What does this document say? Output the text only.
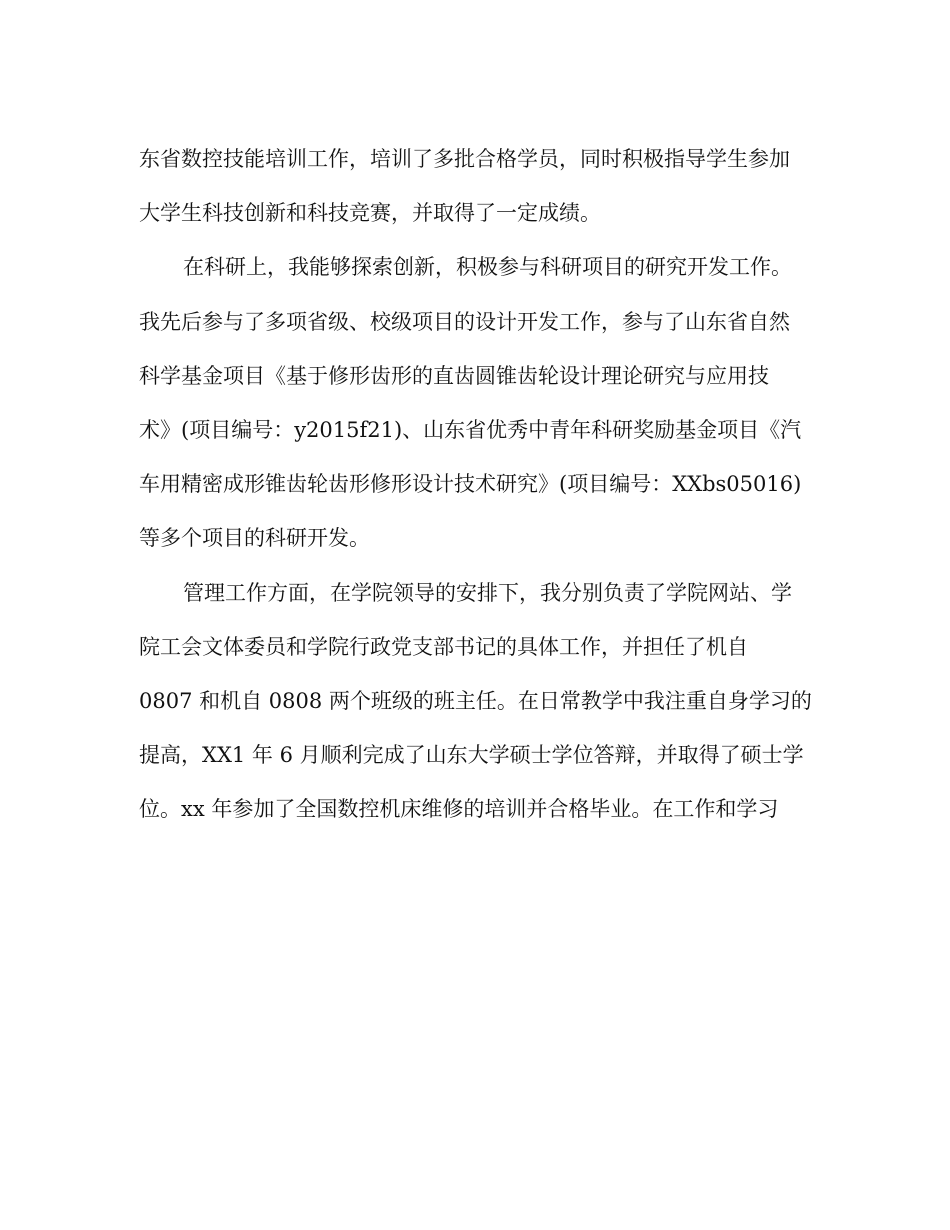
东省数控技能培训工作，培训了多批合格学员，同时积极指导学生参加

大学生科技创新和科技竞赛，并取得了一定成绩。

在科研上，我能够探索创新，积极参与科研项目的研究开发工作。

我先后参与了多项省级、校级项目的设计开发工作，参与了山东省自然

科学基金项目《基于修形齿形的直齿圆锥齿轮设计理论研究与应用技

术》(项目编号：y2015f21)、山东省优秀中青年科研奖励基金项目《汽

车用精密成形锥齿轮齿形修形设计技术研究》(项目编号：XXbs05016)

等多个项目的科研开发。

管理工作方面，在学院领导的安排下，我分别负责了学院网站、学

院工会文体委员和学院行政党支部书记的具体工作，并担任了机自

0807 和机自 0808 两个班级的班主任。在日常教学中我注重自身学习的

提高，XX1 年 6 月顺利完成了山东大学硕士学位答辩，并取得了硕士学

位。xx 年参加了全国数控机床维修的培训并合格毕业。在工作和学习
